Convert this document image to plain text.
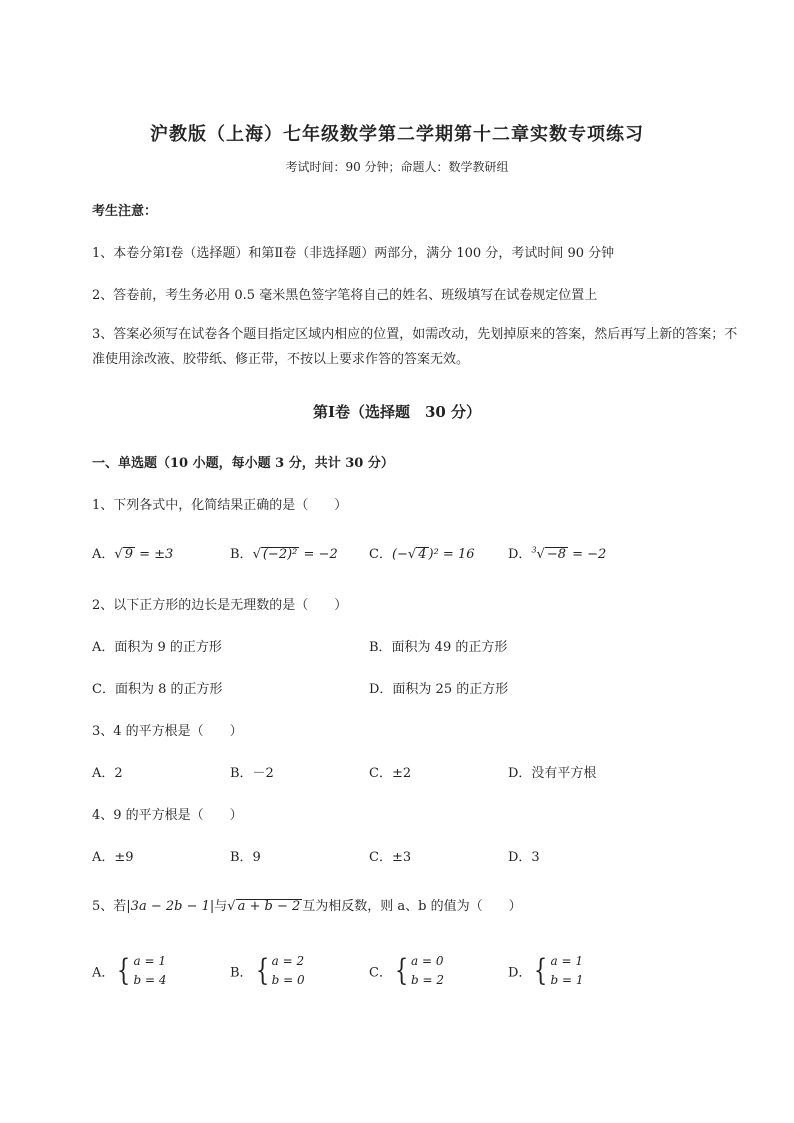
沪教版（上海）七年级数学第二学期第十二章实数专项练习
考试时间：90 分钟；命题人：数学教研组
考生注意：
1、本卷分第Ⅰ卷（选择题）和第Ⅱ卷（非选择题）两部分，满分 100 分，考试时间 90 分钟
2、答卷前，考生务必用 0.5 毫米黑色签字笔将自己的姓名、班级填写在试卷规定位置上
3、答案必须写在试卷各个题目指定区域内相应的位置，如需改动，先划掉原来的答案，然后再写上新的答案；不准使用涂改液、胶带纸、修正带，不按以上要求作答的答案无效。
第Ⅰ卷（选择题　30 分）
一、单选题（10 小题，每小题 3 分，共计 30 分）
1、下列各式中，化简结果正确的是（　　）
A．√ 9 = ±3	B．√ (−2)² = −2 C．(−√ 4 )² = 16	D．$^3$√ −8 = −2
2、以下正方形的边长是无理数的是（　　）
A．面积为 9 的正方形	B．面积为 49 的正方形
C．面积为 8 的正方形	D．面积为 25 的正方形
3、4 的平方根是（　　）
A．2	B．－2	C．±2	D．没有平方根
4、9 的平方根是（　　）
A．±9	B．9	C．±3	D．3
5、若|3a − 2b − 1|与√ a + b − 2 互为相反数，则 a、b 的值为（　　）
A．{ a = 1
b = 4	B．{ a = 2
b = 0	C．{ a = 0
b = 2	D．{ a = 1
b = 1
